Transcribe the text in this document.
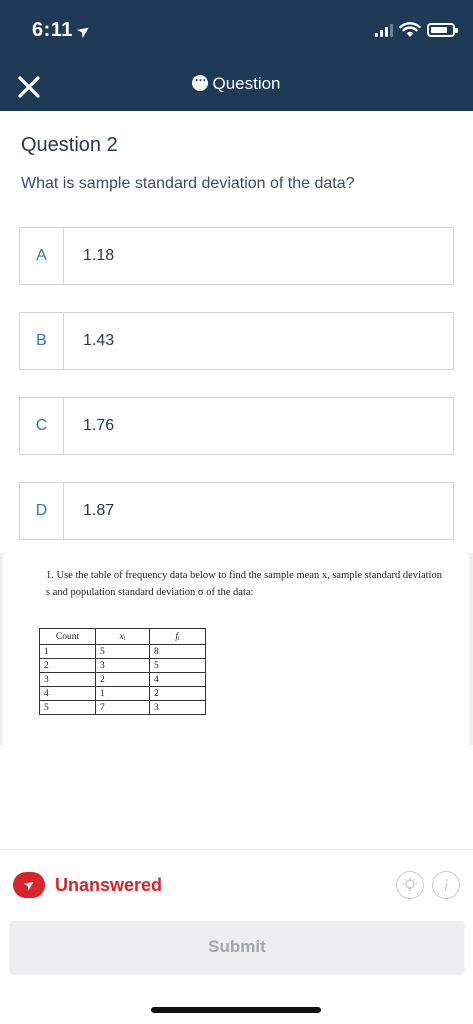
6:11➤
…Question
Question 2
What is sample standard deviation of the data?
A	1.18
B	1.43
C	1.76
D	1.87
1. Use the table of frequency data below to find the sample mean x, sample standard deviation s and population standard deviation σ of the data:
Count	xᵢ	fᵢ
1	5	8
2	3	5
3	2	4
4	1	2
5	7	3
➤ Unanswered	i
Submit
